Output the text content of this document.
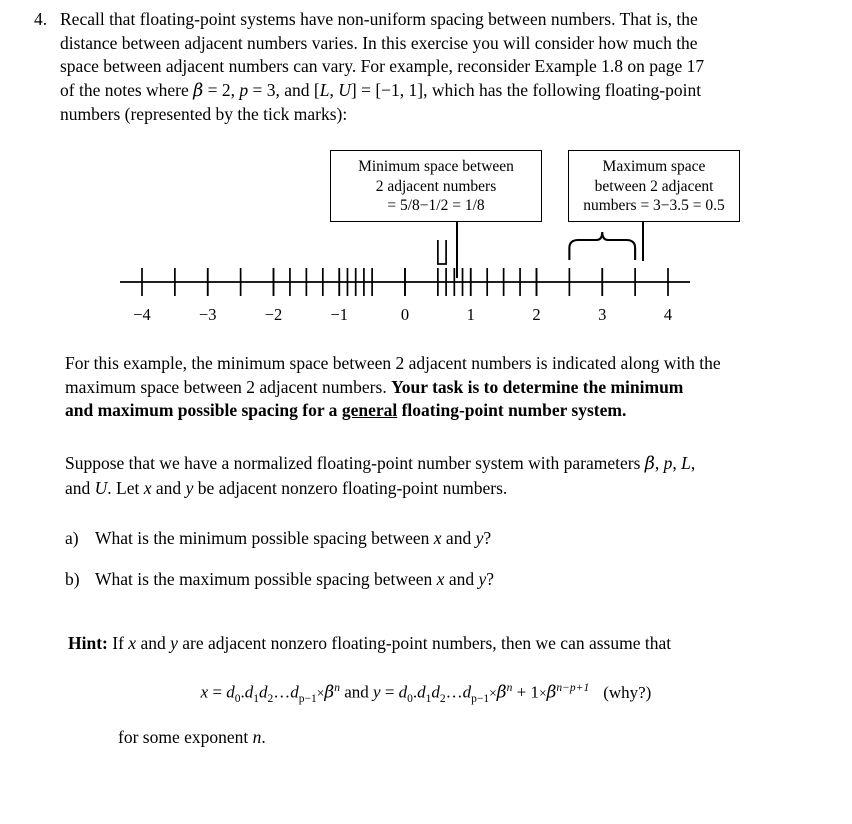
4. Recall that floating-point systems have non-uniform spacing between numbers. That is, the

distance between adjacent numbers varies. In this exercise you will consider how much the

space between adjacent numbers can vary. For example, reconsider Example 1.8 on page 17

of the notes where β = 2, p = 3, and [L, U] = [−1, 1], which has the following floating-point

numbers (represented by the tick marks):

Minimum space between
2 adjacent numbers
= 5/8−1/2 = 1/8
Maximum space
between 2 adjacent
numbers = 3−3.5 = 0.5
−4	−3	−2	−1	0	1	2	3	4

For this example, the minimum space between 2 adjacent numbers is indicated along with the

maximum space between 2 adjacent numbers. Your task is to determine the minimum

and maximum possible spacing for a general floating-point number system.

Suppose that we have a normalized floating-point number system with parameters β, p, L,

and U. Let x and y be adjacent nonzero floating-point numbers.

a) What is the minimum possible spacing between x and y?
b) What is the maximum possible spacing between x and y?

Hint: If x and y are adjacent nonzero floating-point numbers, then we can assume that

$x = d_0.d_1d_2\dots d_{p-1}\times\beta^n$ and $y = d_0.d_1d_2\dots d_{p-1}\times\beta^n + 1\times\beta^{n-p+1}$ (why?)

for some exponent n.
